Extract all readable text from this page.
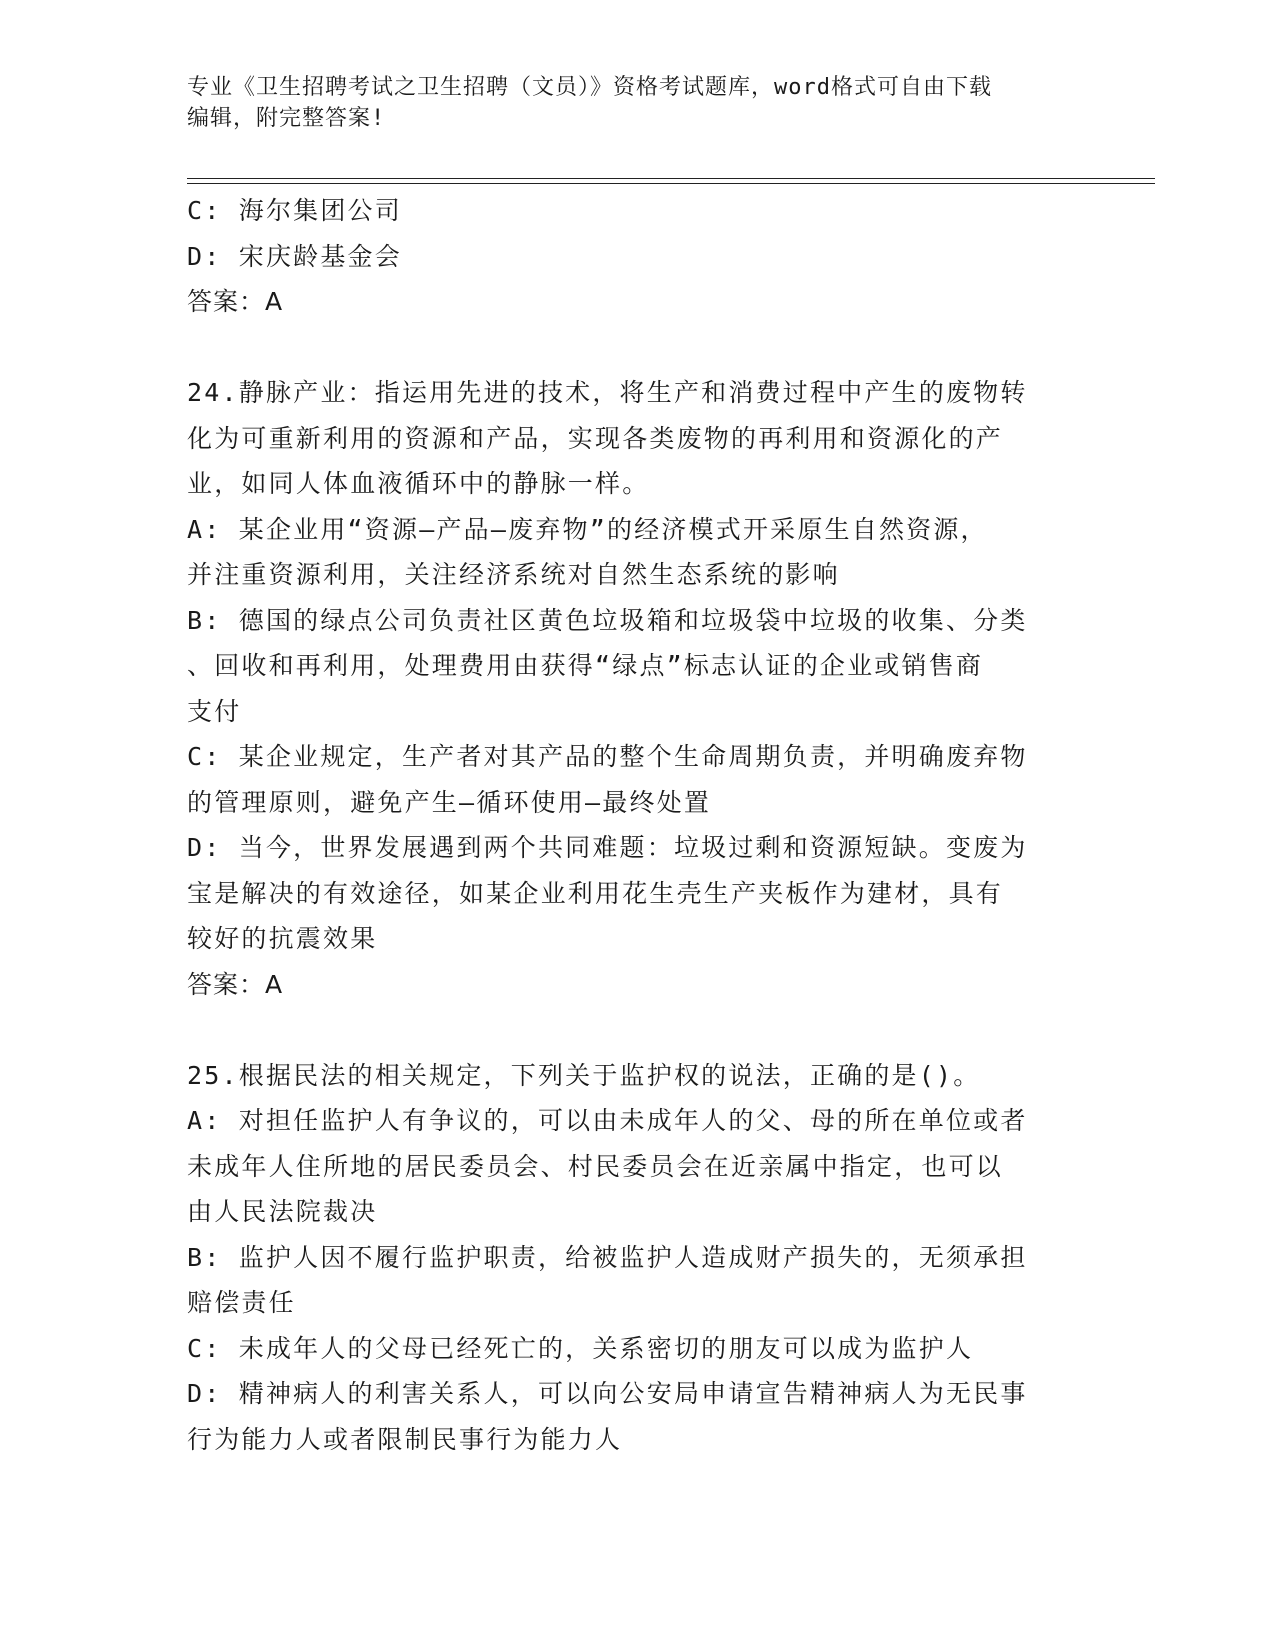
专业《卫生招聘考试之卫生招聘（文员）》资格考试题库，word格式可自由下载
编辑，附完整答案!
C: 海尔集团公司
D: 宋庆龄基金会
答案：A
24.静脉产业：指运用先进的技术，将生产和消费过程中产生的废物转
化为可重新利用的资源和产品，实现各类废物的再利用和资源化的产
业，如同人体血液循环中的静脉一样。
A: 某企业用“资源—产品—废弃物”的经济模式开采原生自然资源，
并注重资源利用，关注经济系统对自然生态系统的影响
B: 德国的绿点公司负责社区黄色垃圾箱和垃圾袋中垃圾的收集、分类
、回收和再利用，处理费用由获得“绿点”标志认证的企业或销售商
支付
C: 某企业规定，生产者对其产品的整个生命周期负责，并明确废弃物
的管理原则，避免产生—循环使用—最终处置
D: 当今，世界发展遇到两个共同难题：垃圾过剩和资源短缺。变废为
宝是解决的有效途径，如某企业利用花生壳生产夹板作为建材，具有
较好的抗震效果
答案：A
25.根据民法的相关规定，下列关于监护权的说法，正确的是()。
A: 对担任监护人有争议的，可以由未成年人的父、母的所在单位或者
未成年人住所地的居民委员会、村民委员会在近亲属中指定，也可以
由人民法院裁决
B: 监护人因不履行监护职责，给被监护人造成财产损失的，无须承担
赔偿责任
C: 未成年人的父母已经死亡的，关系密切的朋友可以成为监护人
D: 精神病人的利害关系人，可以向公安局申请宣告精神病人为无民事
行为能力人或者限制民事行为能力人
